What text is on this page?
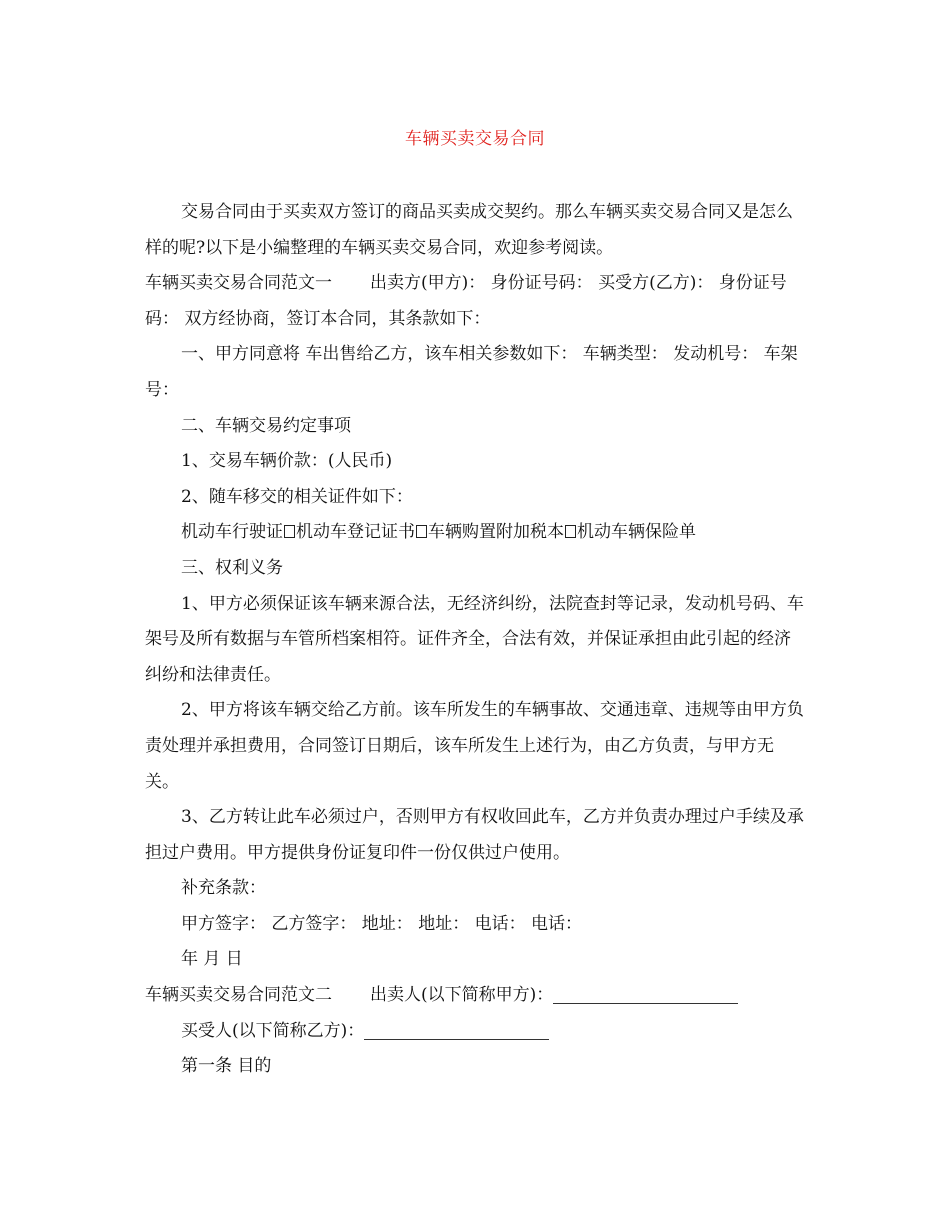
车辆买卖交易合同

交易合同由于买卖双方签订的商品买卖成交契约。那么车辆买卖交易合同又是怎么样的呢?以下是小编整理的车辆买卖交易合同，欢迎参考阅读。

车辆买卖交易合同范文一 出卖方(甲方)： 身份证号码： 买受方(乙方)： 身份证号码： 双方经协商，签订本合同，其条款如下：

一、甲方同意将 车出售给乙方，该车相关参数如下： 车辆类型： 发动机号： 车架号：

二、车辆交易约定事项

1、交易车辆价款：(人民币)

2、随车移交的相关证件如下：

机动车行驶证 机动车登记证书 车辆购置附加税本 机动车辆保险单

三、权利义务

1、甲方必须保证该车辆来源合法，无经济纠纷，法院查封等记录，发动机号码、车架号及所有数据与车管所档案相符。证件齐全，合法有效，并保证承担由此引起的经济纠纷和法律责任。

2、甲方将该车辆交给乙方前。该车所发生的车辆事故、交通违章、违规等由甲方负责处理并承担费用，合同签订日期后，该车所发生上述行为，由乙方负责，与甲方无关。

3、乙方转让此车必须过户，否则甲方有权收回此车，乙方并负责办理过户手续及承担过户费用。甲方提供身份证复印件一份仅供过户使用。

补充条款：

甲方签字： 乙方签字： 地址： 地址： 电话： 电话：

年 月 日

车辆买卖交易合同范文二 出卖人(以下简称甲方)：

买受人(以下简称乙方)：

第一条 目的
